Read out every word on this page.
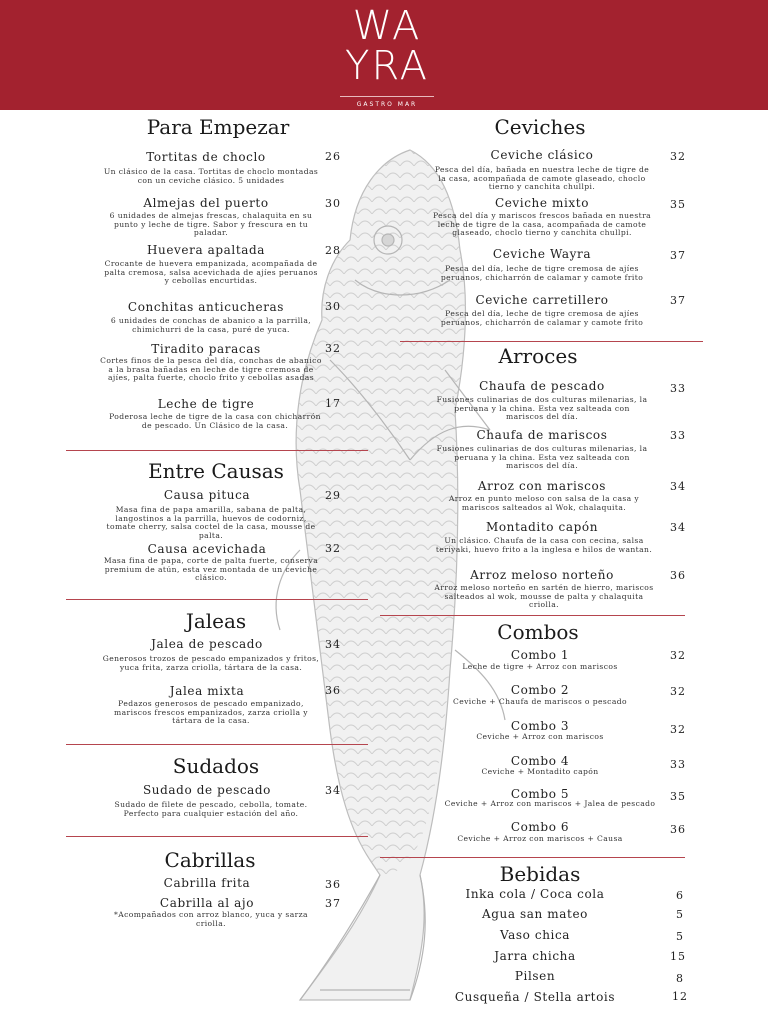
WA
YRA
GASTRO MAR
Para Empezar
Tortitas de choclo	26
Un clásico de la casa. Tortitas de choclo montadas con un ceviche clásico. 5 unidades
Almejas del puerto	30
6 unidades de almejas frescas, chalaquita en su punto y leche de tigre. Sabor y frescura en tu paladar.
Huevera apaltada	28
Crocante de huevera empanizada, acompañada de palta cremosa, salsa acevichada de ajíes peruanos y cebollas encurtidas.
Conchitas anticucheras	30
6 unidades de conchas de abanico a la parrilla, chimichurri de la casa, puré de yuca.
Tiradito paracas	32
Cortes finos de la pesca del día, conchas de abanico a la brasa bañadas en leche de tigre cremosa de ajíes, palta fuerte, choclo frito y cebollas asadas
Leche de tigre	17
Poderosa leche de tigre de la casa con chicharrón de pescado. Un Clásico de la casa.
Entre Causas
Causa pituca	29
Masa fina de papa amarilla, sabana de palta, langostinos a la parrilla, huevos de codorniz, tomate cherry, salsa coctel de la casa, mousse de palta.
Causa acevichada	32
Masa fina de papa, corte de palta fuerte, conserva premium de atún, esta vez montada de un ceviche clásico.
Jaleas
Jalea de pescado	34
Generosos trozos de pescado empanizados y fritos, yuca frita, zarza criolla, tártara de la casa.
Jalea mixta	36
Pedazos generosos de pescado empanizado, mariscos frescos empanizados, zarza criolla y tártara de la casa.
Sudados
Sudado de pescado	34
Sudado de filete de pescado, cebolla, tomate. Perfecto para cualquier estación del año.
Cabrillas
Cabrilla frita	36
Cabrilla al ajo	37
*Acompañados con arroz blanco, yuca y sarza criolla.
Ceviches
Ceviche clásico	32
Pesca del día, bañada en nuestra leche de tigre de la casa, acompañada de camote glaseado, choclo tierno y canchita chullpi.
Ceviche mixto	35
Pesca del día y mariscos frescos bañada en nuestra leche de tigre de la casa, acompañada de camote glaseado, choclo tierno y canchita chullpi.
Ceviche Wayra	37
Pesca del día, leche de tigre cremosa de ajíes peruanos, chicharrón de calamar y camote frito
Ceviche carretillero	37
Pesca del día, leche de tigre cremosa de ajíes peruanos, chicharrón de calamar y camote frito
Arroces
Chaufa de pescado	33
Fusiones culinarias de dos culturas milenarias, la peruana y la china. Esta vez salteada con mariscos del día.
Chaufa de mariscos	33
Fusiones culinarias de dos culturas milenarias, la peruana y la china. Esta vez salteada con mariscos del día.
Arroz con mariscos	34
Arroz en punto meloso con salsa de la casa y mariscos salteados al Wok, chalaquita.
Montadito capón	34
Un clásico. Chaufa de la casa con cecina, salsa teriyaki, huevo frito a la inglesa e hilos de wantan.
Arroz meloso norteño	36
Arroz meloso norteño en sartén de hierro, mariscos salteados al wok, mousse de palta y chalaquita criolla.
Combos
Combo 1	32
Leche de tigre + Arroz con mariscos
Combo 2	32
Ceviche + Chaufa de mariscos o pescado
Combo 3	32
Ceviche + Arroz con mariscos
Combo 4	33
Ceviche + Montadito capón
Combo 5	35
Ceviche + Arroz con mariscos + Jalea de pescado
Combo 6	36
Ceviche + Arroz con mariscos + Causa
Bebidas
Inka cola / Coca cola	6
Agua san mateo	5
Vaso chica	5
Jarra chicha	15
Pilsen	8
Cusqueña / Stella artois	12
